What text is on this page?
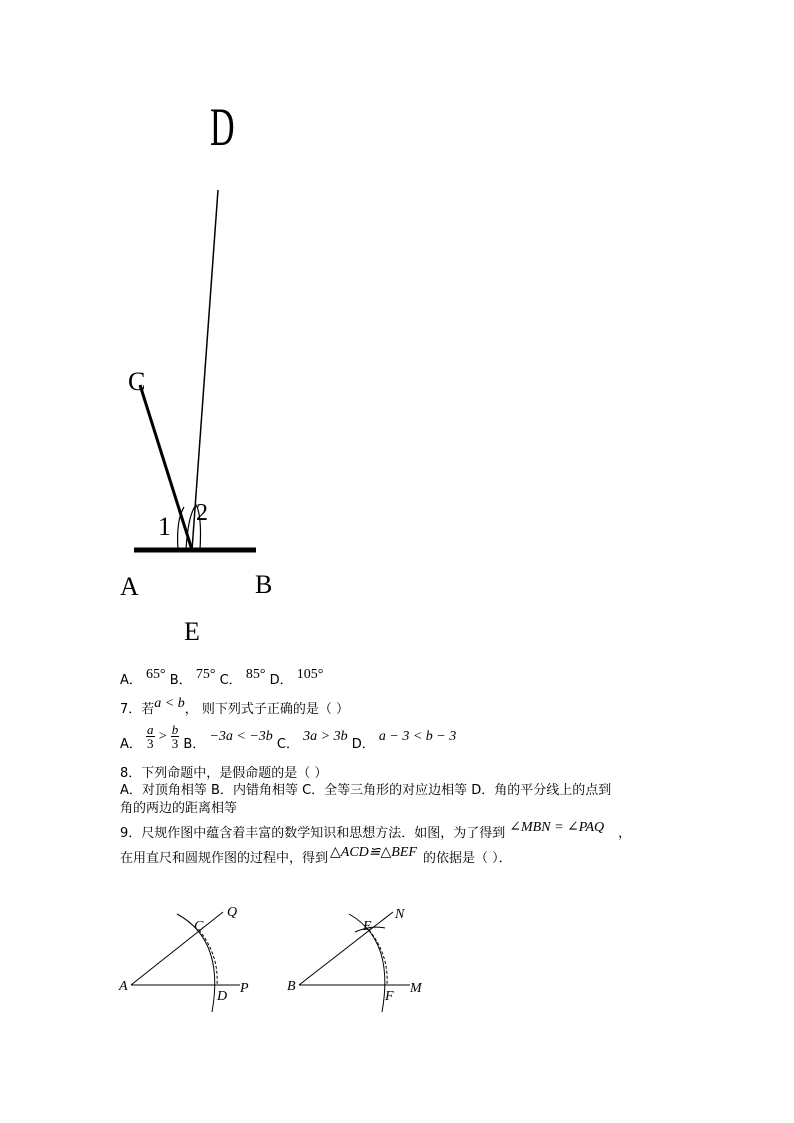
D
C
1 2
A	B
E
A． 65° B． 75° C． 85° D． 105°
7．若a < b， 则下列式子正确的是（ ）
A． $\frac{a}{3} > \frac{b}{3}$ B． −3a < −3b C． 3a > 3b D． a − 3 < b − 3
8．下列命题中，是假命题的是（ ）
A．对顶角相等 B．内错角相等 C．全等三角形的对应边相等 D．角的平分线上的点到
角的两边的距离相等
9．尺规作图中蕴含着丰富的数学知识和思想方法．如图，为了得到 ∠MBN = ∠PAQ ，
在用直尺和圆规作图的过程中，得到 △ACD≌△BEF 的依据是（ ）．
A
C
Q
D
P	B
E
N
F
M
